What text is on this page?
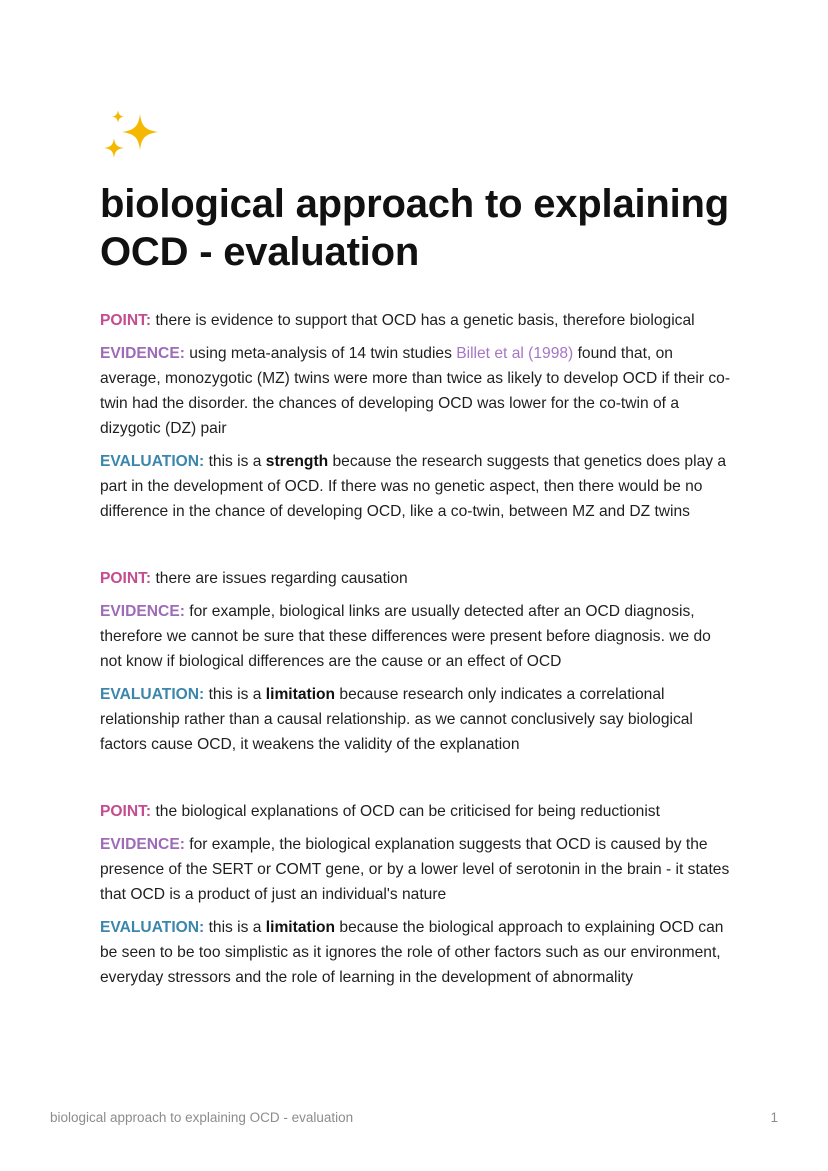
biological approach to explaining OCD - evaluation

POINT: there is evidence to support that OCD has a genetic basis, therefore biological

EVIDENCE: using meta-analysis of 14 twin studies Billet et al (1998) found that, on average, monozygotic (MZ) twins were more than twice as likely to develop OCD if their co-twin had the disorder. the chances of developing OCD was lower for the co-twin of a dizygotic (DZ) pair

EVALUATION: this is a strength because the research suggests that genetics does play a part in the development of OCD. If there was no genetic aspect, then there would be no difference in the chance of developing OCD, like a co-twin, between MZ and DZ twins

POINT: there are issues regarding causation

EVIDENCE: for example, biological links are usually detected after an OCD diagnosis, therefore we cannot be sure that these differences were present before diagnosis. we do not know if biological differences are the cause or an effect of OCD

EVALUATION: this is a limitation because research only indicates a correlational relationship rather than a causal relationship. as we cannot conclusively say biological factors cause OCD, it weakens the validity of the explanation

POINT: the biological explanations of OCD can be criticised for being reductionist

EVIDENCE: for example, the biological explanation suggests that OCD is caused by the presence of the SERT or COMT gene, or by a lower level of serotonin in the brain - it states that OCD is a product of just an individual's nature

EVALUATION: this is a limitation because the biological approach to explaining OCD can be seen to be too simplistic as it ignores the role of other factors such as our environment, everyday stressors and the role of learning in the development of abnormality

biological approach to explaining OCD - evaluation	1
